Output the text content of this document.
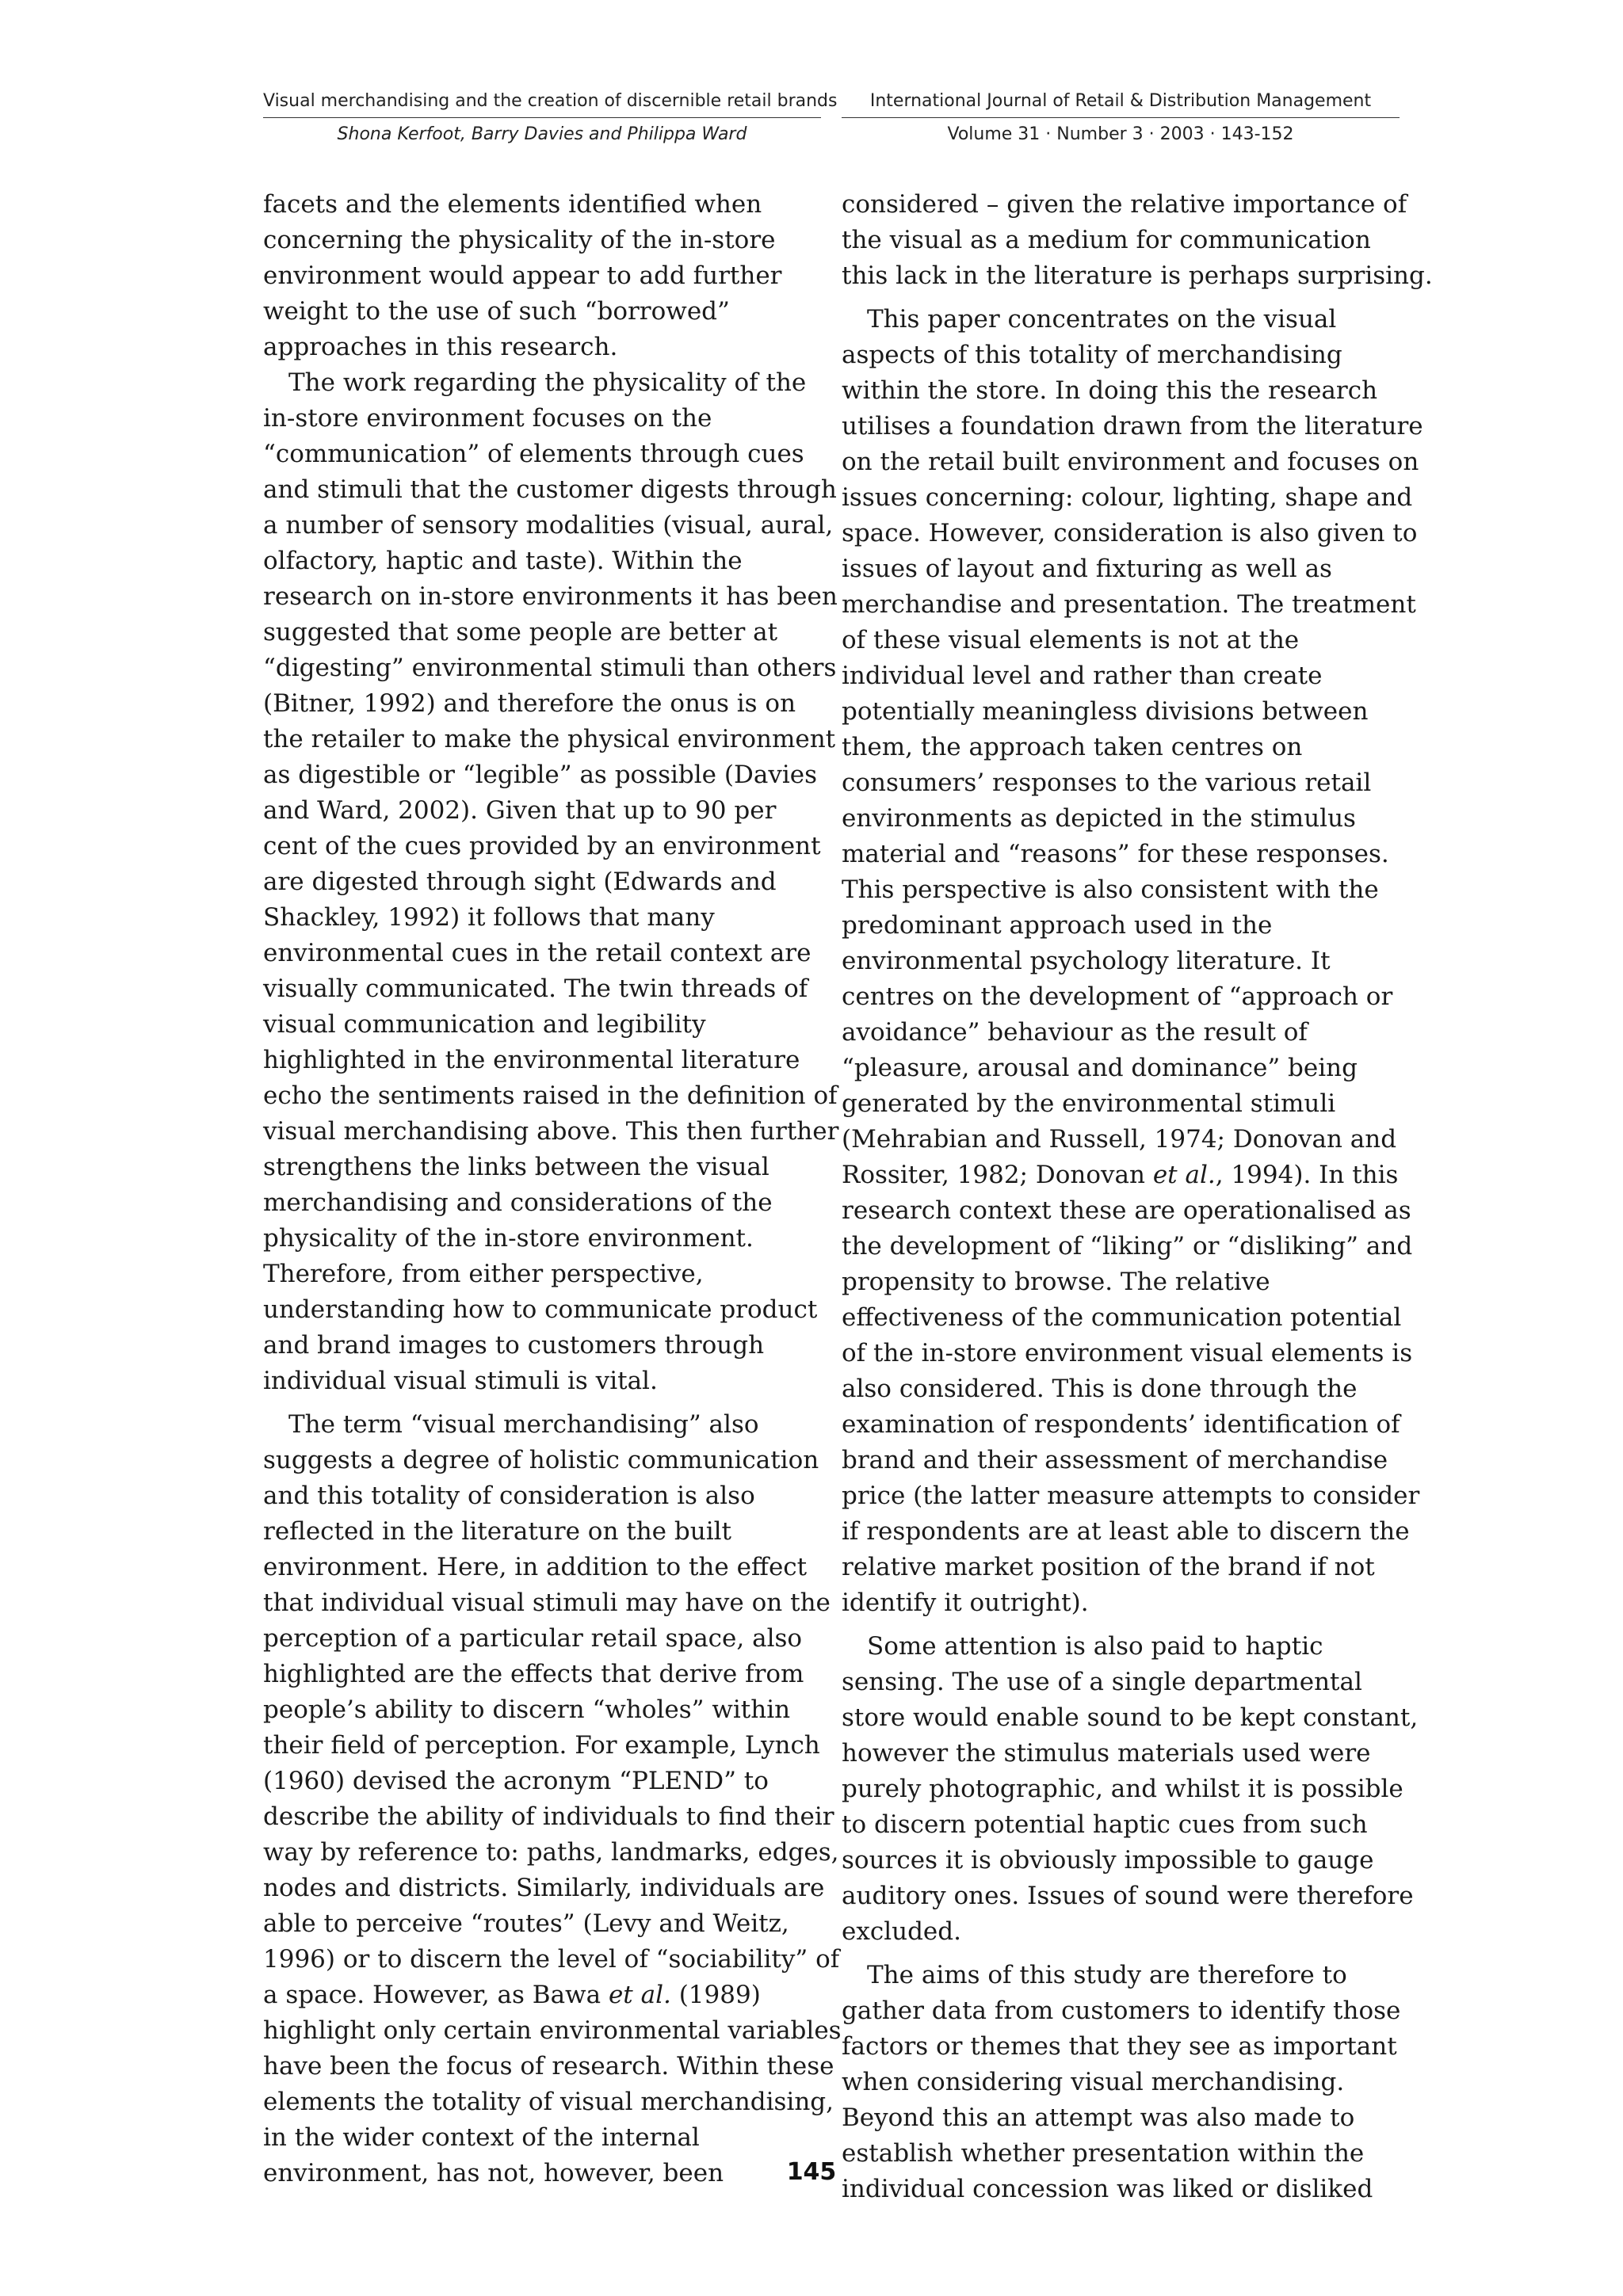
Visual merchandising and the creation of discernible retail brands
Shona Kerfoot, Barry Davies and Philippa Ward
International Journal of Retail & Distribution Management
Volume 31 · Number 3 · 2003 · 143-152
facets and the elements identified when
concerning the physicality of the in-store
environment would appear to add further
weight to the use of such “borrowed”
approaches in this research.
The work regarding the physicality of the
in-store environment focuses on the
“communication” of elements through cues
and stimuli that the customer digests through
a number of sensory modalities (visual, aural,
olfactory, haptic and taste). Within the
research on in-store environments it has been
suggested that some people are better at
“digesting” environmental stimuli than others
(Bitner, 1992) and therefore the onus is on
the retailer to make the physical environment
as digestible or “legible” as possible (Davies
and Ward, 2002). Given that up to 90 per
cent of the cues provided by an environment
are digested through sight (Edwards and
Shackley, 1992) it follows that many
environmental cues in the retail context are
visually communicated. The twin threads of
visual communication and legibility
highlighted in the environmental literature
echo the sentiments raised in the definition of
visual merchandising above. This then further
strengthens the links between the visual
merchandising and considerations of the
physicality of the in-store environment.
Therefore, from either perspective,
understanding how to communicate product
and brand images to customers through
individual visual stimuli is vital.
The term “visual merchandising” also
suggests a degree of holistic communication
and this totality of consideration is also
reflected in the literature on the built
environment. Here, in addition to the effect
that individual visual stimuli may have on the
perception of a particular retail space, also
highlighted are the effects that derive from
people’s ability to discern “wholes” within
their field of perception. For example, Lynch
(1960) devised the acronym “PLEND” to
describe the ability of individuals to find their
way by reference to: paths, landmarks, edges,
nodes and districts. Similarly, individuals are
able to perceive “routes” (Levy and Weitz,
1996) or to discern the level of “sociability” of
a space. However, as Bawa et al. (1989)
highlight only certain environmental variables
have been the focus of research. Within these
elements the totality of visual merchandising,
in the wider context of the internal
environment, has not, however, been
considered – given the relative importance of
the visual as a medium for communication
this lack in the literature is perhaps surprising.
This paper concentrates on the visual
aspects of this totality of merchandising
within the store. In doing this the research
utilises a foundation drawn from the literature
on the retail built environment and focuses on
issues concerning: colour, lighting, shape and
space. However, consideration is also given to
issues of layout and fixturing as well as
merchandise and presentation. The treatment
of these visual elements is not at the
individual level and rather than create
potentially meaningless divisions between
them, the approach taken centres on
consumers’ responses to the various retail
environments as depicted in the stimulus
material and “reasons” for these responses.
This perspective is also consistent with the
predominant approach used in the
environmental psychology literature. It
centres on the development of “approach or
avoidance” behaviour as the result of
“pleasure, arousal and dominance” being
generated by the environmental stimuli
(Mehrabian and Russell, 1974; Donovan and
Rossiter, 1982; Donovan et al., 1994). In this
research context these are operationalised as
the development of “liking” or “disliking” and
propensity to browse. The relative
effectiveness of the communication potential
of the in-store environment visual elements is
also considered. This is done through the
examination of respondents’ identification of
brand and their assessment of merchandise
price (the latter measure attempts to consider
if respondents are at least able to discern the
relative market position of the brand if not
identify it outright).
Some attention is also paid to haptic
sensing. The use of a single departmental
store would enable sound to be kept constant,
however the stimulus materials used were
purely photographic, and whilst it is possible
to discern potential haptic cues from such
sources it is obviously impossible to gauge
auditory ones. Issues of sound were therefore
excluded.
The aims of this study are therefore to
gather data from customers to identify those
factors or themes that they see as important
when considering visual merchandising.
Beyond this an attempt was also made to
establish whether presentation within the
individual concession was liked or disliked
145
